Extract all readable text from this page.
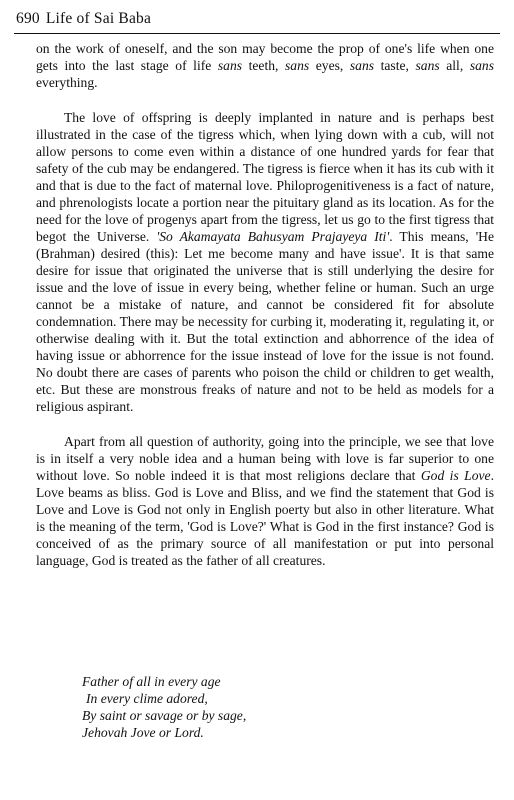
690 Life of Sai Baba

on the work of oneself, and the son may become the prop of one's life when one gets into the last stage of life sans teeth, sans eyes, sans taste, sans all, sans everything.

The love of offspring is deeply implanted in nature and is perhaps best illustrated in the case of the tigress which, when lying down with a cub, will not allow persons to come even within a distance of one hundred yards for fear that safety of the cub may be endangered. The tigress is fierce when it has its cub with it and that is due to the fact of maternal love. Philoprogenitiveness is a fact of nature, and phrenologists locate a portion near the pituitary gland as its location. As for the need for the love of progenys apart from the tigress, let us go to the first tigress that begot the Universe. 'So Akamayata Bahusyam Prajayeya Iti'. This means, 'He (Brahman) desired (this): Let me become many and have issue'. It is that same desire for issue that originated the universe that is still underlying the desire for issue and the love of issue in every being, whether feline or human. Such an urge cannot be a mistake of nature, and cannot be considered fit for absolute condemnation. There may be necessity for curbing it, moderating it, regulating it, or otherwise dealing with it. But the total extinction and abhorrence of the idea of having issue or abhorrence for the issue instead of love for the issue is not found. No doubt there are cases of parents who poison the child or children to get wealth, etc. But these are monstrous freaks of nature and not to be held as models for a religious aspirant.

Apart from all question of authority, going into the principle, we see that love is in itself a very noble idea and a human being with love is far superior to one without love. So noble indeed it is that most religions declare that God is Love. Love beams as bliss. God is Love and Bliss, and we find the statement that God is Love and Love is God not only in English poerty but also in other literature. What is the meaning of the term, 'God is Love?' What is God in the first instance? God is conceived of as the primary source of all manifestation or put into personal language, God is treated as the father of all creatures.

Father of all in every age
In every clime adored,
By saint or savage or by sage,
Jehovah Jove or Lord.
